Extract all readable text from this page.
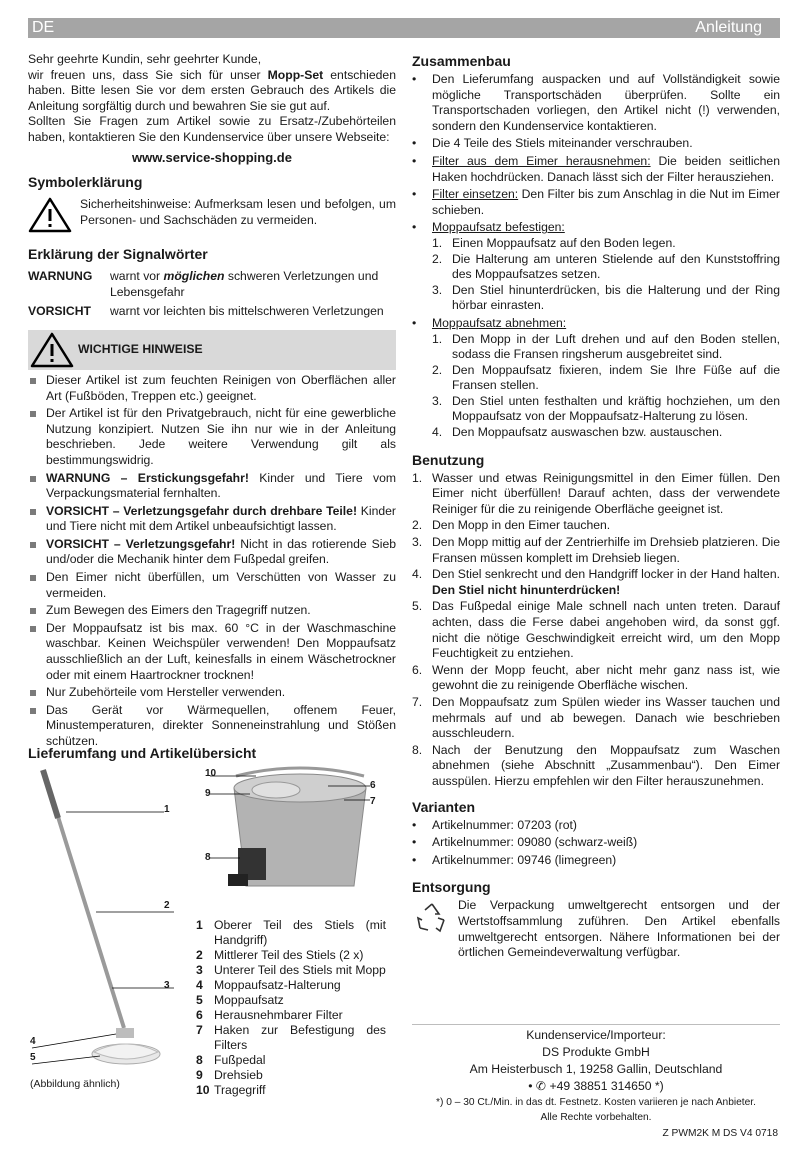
DE	Anleitung

Sehr geehrte Kundin, sehr geehrter Kunde,

wir freuen uns, dass Sie sich für unser Mopp-Set entschieden haben. Bitte lesen Sie vor dem ersten Gebrauch des Artikels die Anleitung sorgfältig durch und bewahren Sie sie gut auf.

Sollten Sie Fragen zum Artikel sowie zu Ersatz-/Zubehörteilen haben, kontaktieren Sie den Kundenservice über unsere Webseite:

www.service-shopping.de
Symbolerklärung

Sicherheitshinweise: Aufmerksam lesen und befolgen, um Personen- und Sachschäden zu vermeiden.

Erklärung der Signalwörter
WARNUNG	warnt vor möglichen schweren Verletzungen und Lebensgefahr
VORSICHT	warnt vor leichten bis mittelschweren Verletzungen
WICHTIGE HINWEISE
Dieser Artikel ist zum feuchten Reinigen von Oberflächen aller Art (Fußböden, Treppen etc.) geeignet.
Der Artikel ist für den Privatgebrauch, nicht für eine gewerbliche Nutzung konzipiert. Nutzen Sie ihn nur wie in der Anleitung beschrieben. Jede weitere Verwendung gilt als bestimmungswidrig.
WARNUNG – Erstickungsgefahr! Kinder und Tiere vom Verpackungsmaterial fernhalten.
VORSICHT – Verletzungsgefahr durch drehbare Teile! Kinder und Tiere nicht mit dem Artikel unbeaufsichtigt lassen.
VORSICHT – Verletzungsgefahr! Nicht in das rotierende Sieb und/oder die Mechanik hinter dem Fußpedal greifen.
Den Eimer nicht überfüllen, um Verschütten von Wasser zu vermeiden.
Zum Bewegen des Eimers den Tragegriff nutzen.
Der Moppaufsatz ist bis max. 60 °C in der Waschmaschine waschbar. Keinen Weichspüler verwenden! Den Moppaufsatz ausschließlich an der Luft, keinesfalls in einem Wäschetrockner oder mit einem Haartrockner trocknen!
Nur Zubehörteile vom Hersteller verwenden.
Das Gerät vor Wärmequellen, offenem Feuer, Minustemperaturen, direkter Sonneneinstrahlung und Stößen schützen.
Lieferumfang und Artikelübersicht
1
2
3
4
5
6
7
8
9
10
(Abbildung ähnlich)
1 Oberer Teil des Stiels (mit Handgriff)
2 Mittlerer Teil des Stiels (2 x)
3 Unterer Teil des Stiels mit Mopp
4 Moppaufsatz-Halterung
5 Moppaufsatz
6 Herausnehmbarer Filter
7 Haken zur Befestigung des Filters
8 Fußpedal
9 Drehsieb
10 Tragegriff
Zusammenbau
• Den Lieferumfang auspacken und auf Vollständigkeit sowie mögliche Transportschäden überprüfen. Sollte ein Transportschaden vorliegen, den Artikel nicht (!) verwenden, sondern den Kundenservice kontaktieren.
• Die 4 Teile des Stiels miteinander verschrauben.
• Filter aus dem Eimer herausnehmen: Die beiden seitlichen Haken hochdrücken. Danach lässt sich der Filter herausziehen.
• Filter einsetzen: Den Filter bis zum Anschlag in die Nut im Eimer schieben.
• Moppaufsatz befestigen:
1. Einen Moppaufsatz auf den Boden legen.
2. Die Halterung am unteren Stielende auf den Kunststoffring des Moppaufsatzes setzen.
3. Den Stiel hinunterdrücken, bis die Halterung und der Ring hörbar einrasten.
• Moppaufsatz abnehmen:
1. Den Mopp in der Luft drehen und auf den Boden stellen, sodass die Fransen ringsherum ausgebreitet sind.
2. Den Moppaufsatz fixieren, indem Sie Ihre Füße auf die Fransen stellen.
3. Den Stiel unten festhalten und kräftig hochziehen, um den Moppaufsatz von der Moppaufsatz-Halterung zu lösen.
4. Den Moppaufsatz auswaschen bzw. austauschen.
Benutzung
1. Wasser und etwas Reinigungsmittel in den Eimer füllen. Den Eimer nicht überfüllen! Darauf achten, dass der verwendete Reiniger für die zu reinigende Oberfläche geeignet ist.
2. Den Mopp in den Eimer tauchen.
3. Den Mopp mittig auf der Zentrierhilfe im Drehsieb platzieren. Die Fransen müssen komplett im Drehsieb liegen.
4. Den Stiel senkrecht und den Handgriff locker in der Hand halten. Den Stiel nicht hinunterdrücken!
5. Das Fußpedal einige Male schnell nach unten treten. Darauf achten, dass die Ferse dabei angehoben wird, da sonst ggf. nicht die nötige Geschwindigkeit erreicht wird, um den Mopp Feuchtigkeit zu entziehen.
6. Wenn der Mopp feucht, aber nicht mehr ganz nass ist, wie gewohnt die zu reinigende Oberfläche wischen.
7. Den Moppaufsatz zum Spülen wieder ins Wasser tauchen und mehrmals auf und ab bewegen. Danach wie beschrieben ausschleudern.
8. Nach der Benutzung den Moppaufsatz zum Waschen abnehmen (siehe Abschnitt „Zusammenbau“). Den Eimer ausspülen. Hierzu empfehlen wir den Filter herauszunehmen.
Varianten
• Artikelnummer: 07203 (rot)
• Artikelnummer: 09080 (schwarz-weiß)
• Artikelnummer: 09746 (limegreen)
Entsorgung

Die Verpackung umweltgerecht entsorgen und der Wertstoffsammlung zuführen. Den Artikel ebenfalls umweltgerecht entsorgen. Nähere Informationen bei der örtlichen Gemeindeverwaltung verfügbar.

Kundenservice/Importeur:
DS Produkte GmbH
Am Heisterbusch 1, 19258 Gallin, Deutschland
• ✆ +49 38851 314650 *)
*) 0 – 30 Ct./Min. in das dt. Festnetz. Kosten variieren je nach Anbieter.
Alle Rechte vorbehalten.
Z PWM2K M DS V4 0718
